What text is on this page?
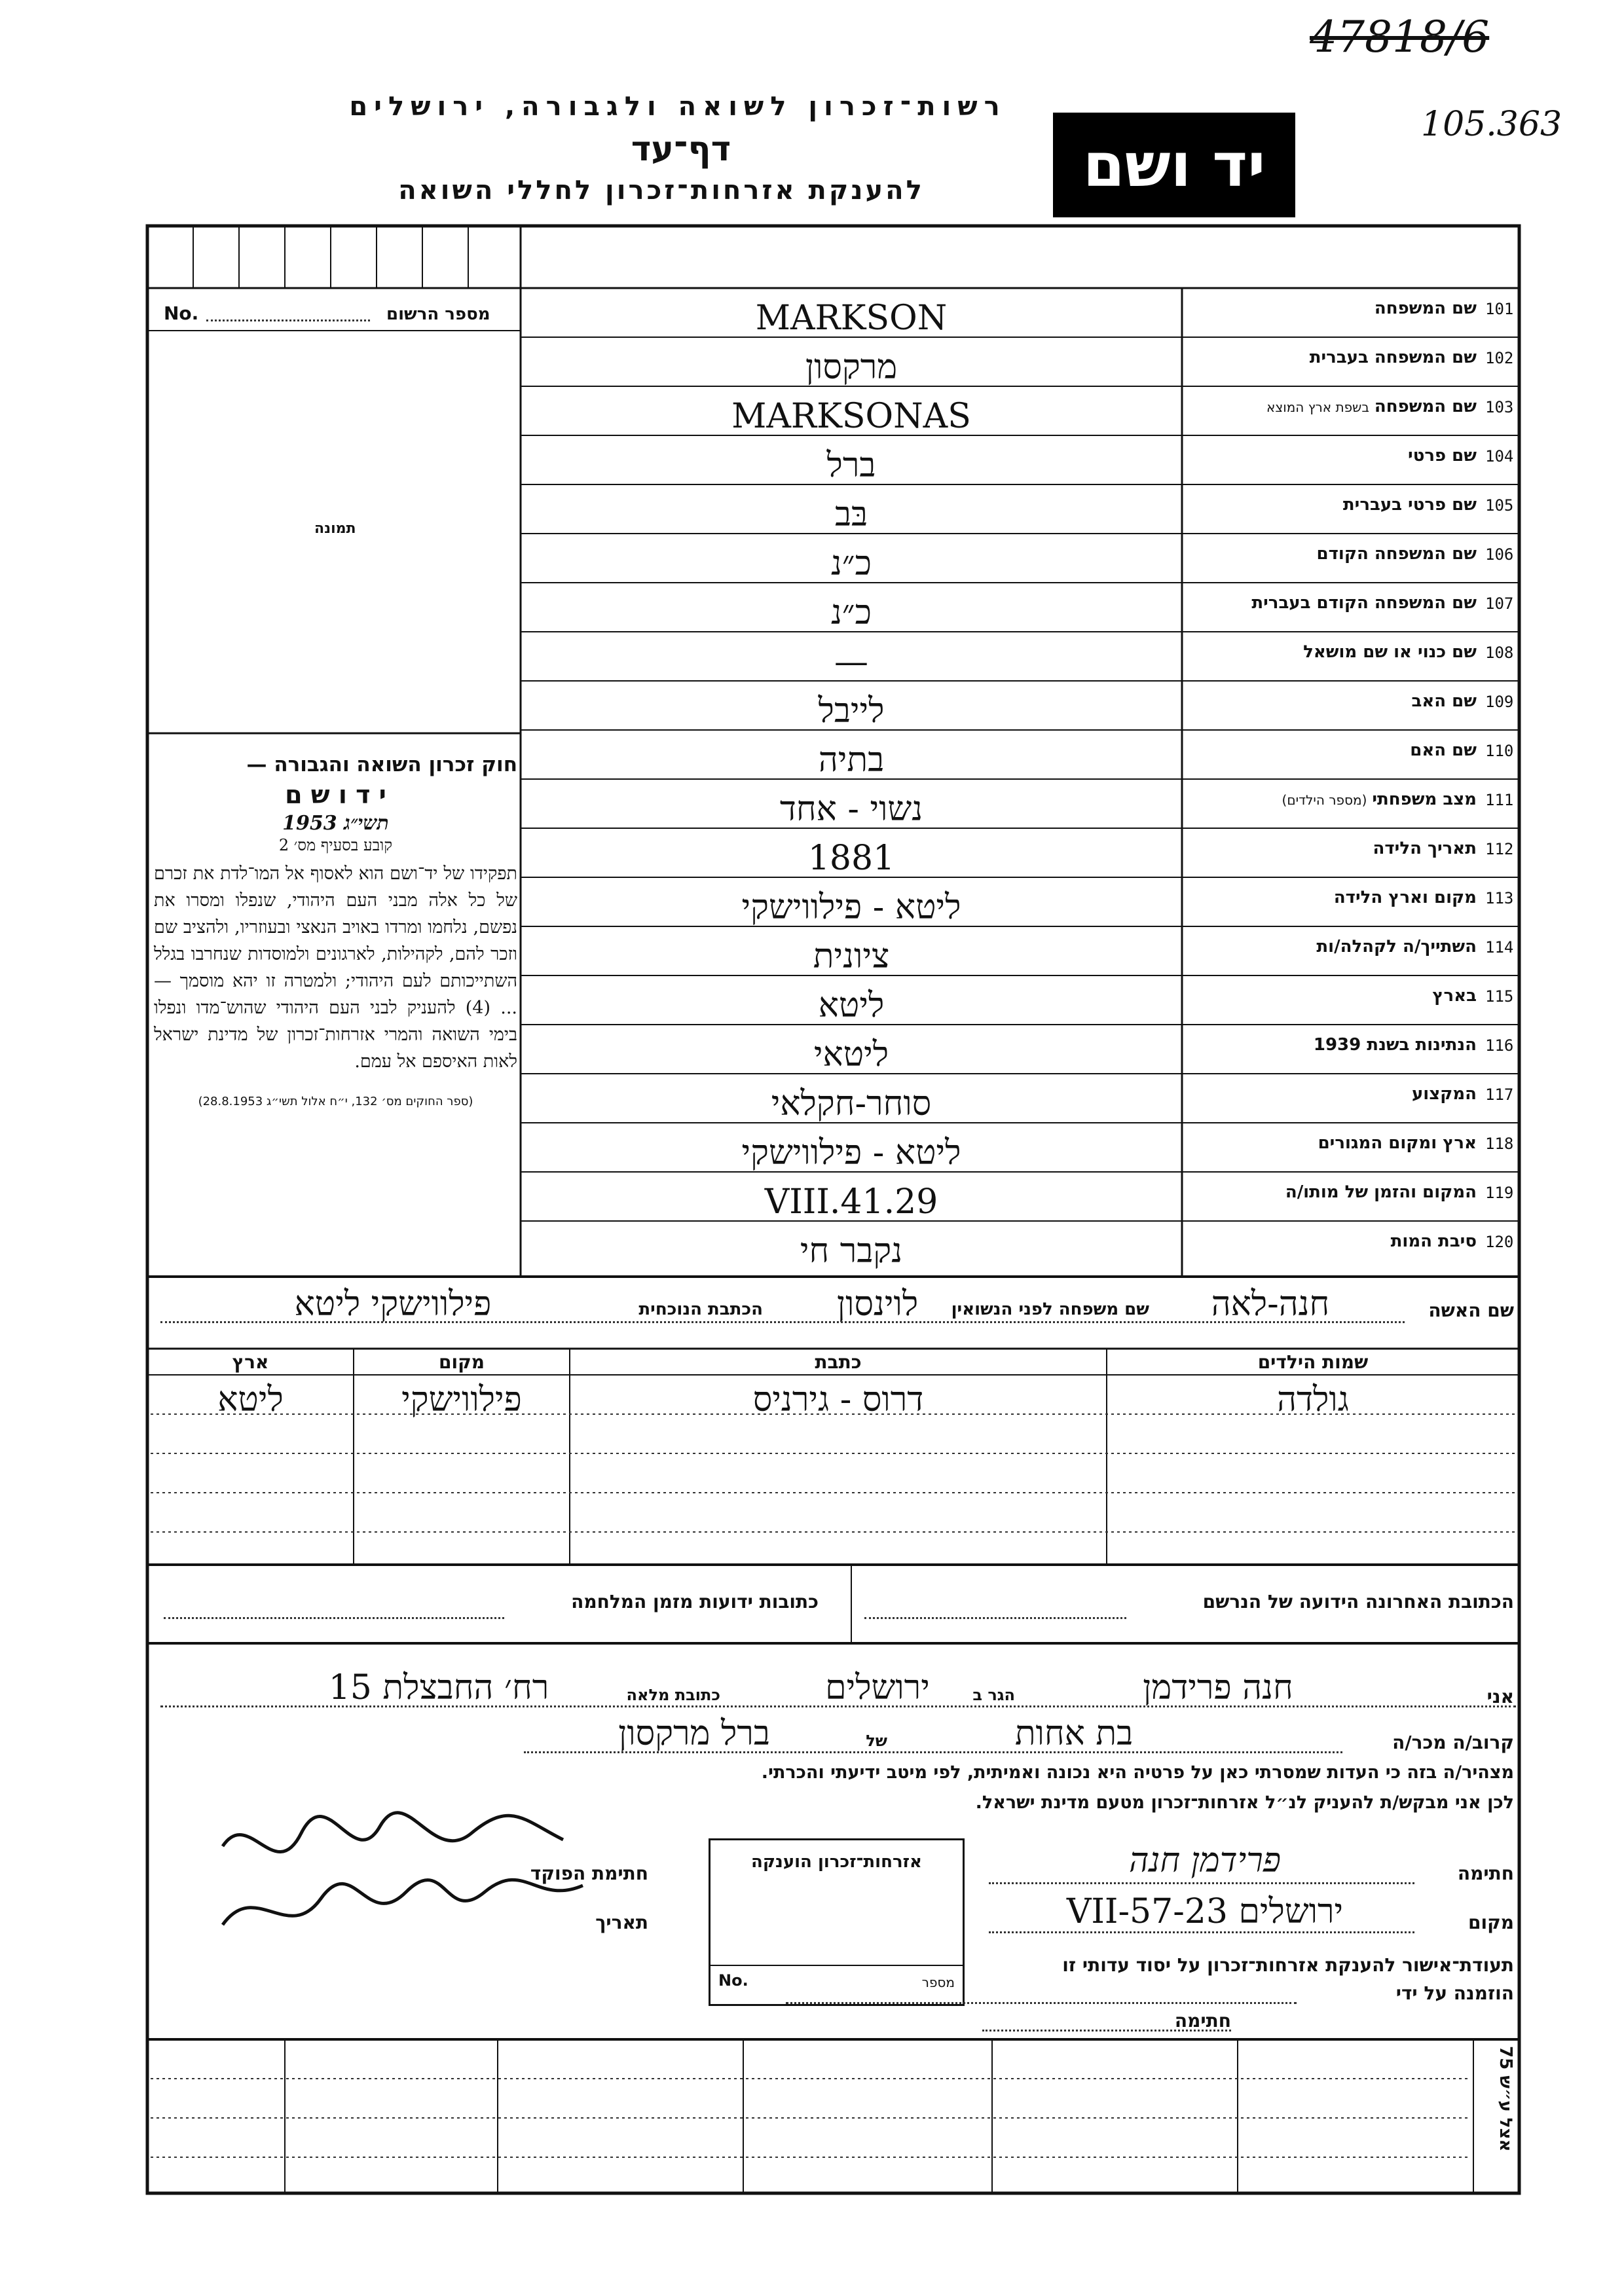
47818/6
105.363
רשות־זכרון לשואה ולגבורה, ירושלים
דף־עד
להענקת אזרחות־זכרון לחללי השואה	יד ושם
מספר הרשום
No.
תמונה
חוק זכרון השואה והגבורה —
י ד ו ש ם
תשי״ג 1953
קובע בסעיף מס׳ 2
תפקידו של יד־ושם הוא לאסוף אל המו־לדת את זכרם של כל אלה מבני העם היהודי, שנפלו ומסרו את נפשם, נלחמו ומרדו באויב הנאצי ובעוזריו, ולהציב שם וזכר להם, לקהילות, לארגונים ולמוסדות שנחרבו בגלל השתייכותם לעם היהודי; ולמטרה זו יהא מוסמך — ... (4) להעניק לבני העם היהודי שהוש־מדו ונפלו בימי השואה והמרי אזרחות־זכרון של מדינת ישראל לאות האיספם אל עמם.
(ספר החוקים מס׳ 132, י״ח אלול תשי״ג 28.8.1953)
101
שם המשפחה
MARKSON
102
שם המשפחה בעברית
מרקסון
103
שם המשפחהבשפת ארץ המוצא
MARKSONAS
104
שם פרטי
ברל
105
שם פרטי בעברית
בּב
106
שם המשפחה הקודם
כ״נ
107
שם המשפחה הקודם בעברית
כ״נ
108
שם כנוי או שם מושאל
—
109
שם האב
לייבל
110
שם האם
בתיה
111
מצב משפחתי(מספר הילדים)
נשוי - אחד
112
תאריך הלידה
1881
113
מקום וארץ הלידה
ליטא - פילווישקי
114
השתייך/ה לקהלה/ות
ציונית
115
בארץ
ליטא
116
הנתינות בשנת 1939
ליטאי
117
המקצוע
סוחר-חקלאי
118
ארץ ומקום המגורים
ליטא - פילווישקי
119
המקום והזמן של מותו/ה
29.VIII.41
120
סיבת המות
נקבר חי
שם האשה
חנה-לאה
שם משפחה לפני הנשואין
לוינסון
הכתבת הנוכחית
פילווישקי ליטא
שמות הילדים
כתבת
מקום
ארץ
גולדה
דרוס - גירניס
פילווישקי
ליטא
הכתובת האחרונה הידועה של הנרשם
כתובות ידועות מזמן המלחמה
אני
חנה פרידמן
הגר ב
ירושלים
כתובת מלאה
רח׳ החבצלת 15
קרוב/ה מכר/ה
בת אחות
של
ברל מרקסון
מצהיר/ה בזה כי העדות שמסרתי כאן על פרטיה היא נכונה ואמיתית, לפי מיטב ידיעתי והכרתי.
לכן אני מבקש/ת להעניק לנ״ל אזרחות־זכרון מטעם מדינת ישראל.
חתימה
פרידמן חנה
מקום
ירושלים 23-VII-57
חתימת הפוקד
תאריך
אזרחות־זכרון הוענקה
מספר
No.
תעודת־אישור להענקת אזרחות־זכרון על יסוד עדותי זו
הוזמנה על ידי
חתימה
אצל ע״ש 75
